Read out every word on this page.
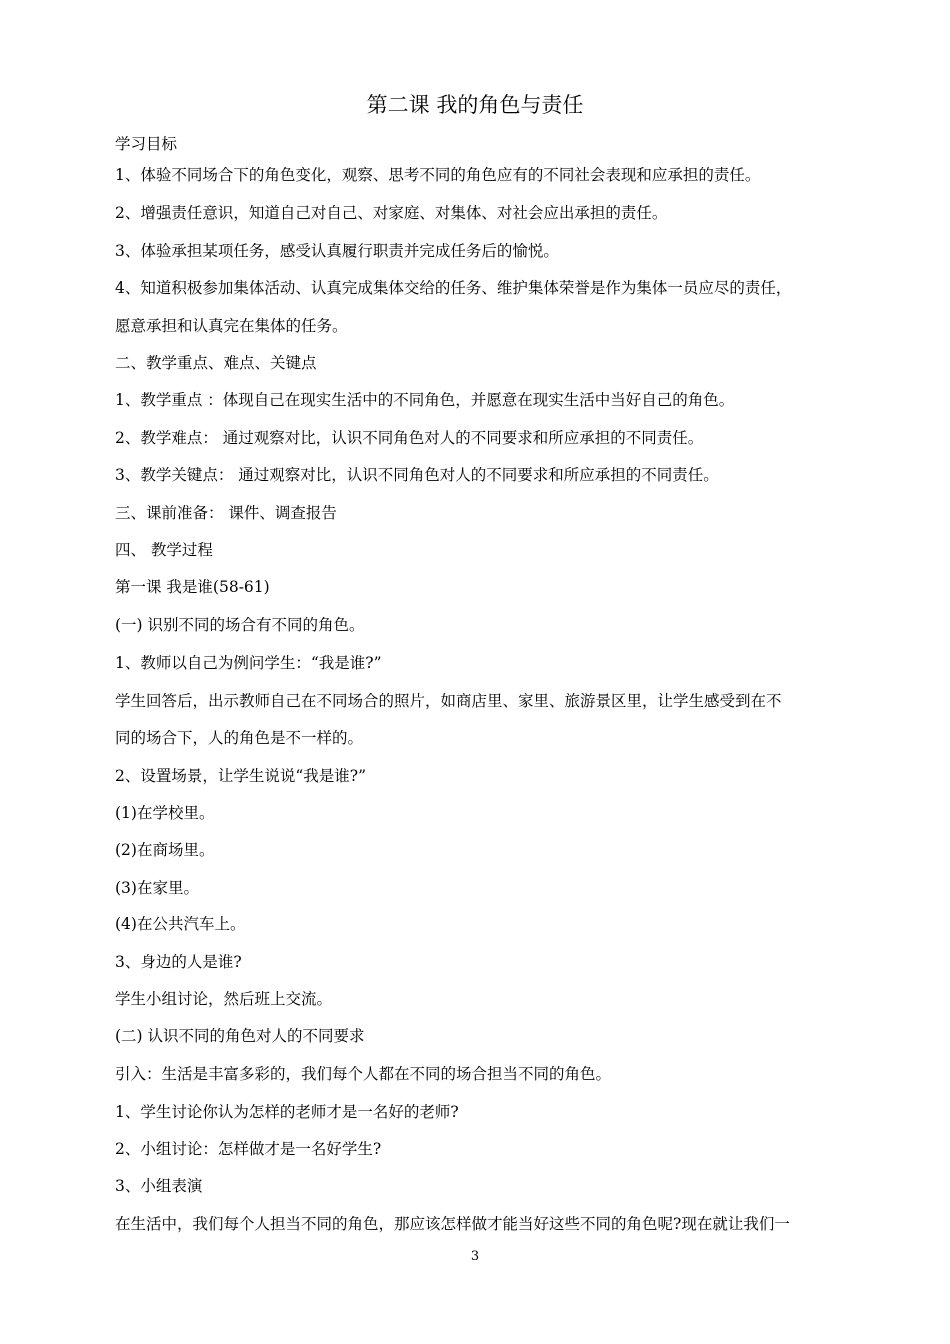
第二课 我的角色与责任
学习目标
1、体验不同场合下的角色变化，观察、思考不同的角色应有的不同社会表现和应承担的责任。
2、增强责任意识，知道自己对自己、对家庭、对集体、对社会应出承担的责任。
3、体验承担某项任务，感受认真履行职责并完成任务后的愉悦。
4、知道积极参加集体活动、认真完成集体交给的任务、维护集体荣誉是作为集体一员应尽的责任，
愿意承担和认真完在集体的任务。
二、教学重点、难点、关键点
1、教学重点 ：体现自己在现实生活中的不同角色，并愿意在现实生活中当好自己的角色。
2、教学难点： 通过观察对比，认识不同角色对人的不同要求和所应承担的不同责任。
3、教学关键点： 通过观察对比，认识不同角色对人的不同要求和所应承担的不同责任。
三、课前准备： 课件、调查报告
四、 教学过程
第一课 我是谁(58-61)
(一) 识别不同的场合有不同的角色。
1、教师以自己为例问学生：“我是谁?”
学生回答后，出示教师自己在不同场合的照片，如商店里、家里、旅游景区里，让学生感受到在不
同的场合下，人的角色是不一样的。
2、设置场景，让学生说说“我是谁?”
(1)在学校里。
(2)在商场里。
(3)在家里。
(4)在公共汽车上。
3、身边的人是谁?
学生小组讨论，然后班上交流。
(二) 认识不同的角色对人的不同要求
引入：生活是丰富多彩的，我们每个人都在不同的场合担当不同的角色。
1、学生讨论你认为怎样的老师才是一名好的老师?
2、小组讨论：怎样做才是一名好学生?
3、小组表演
在生活中，我们每个人担当不同的角色，那应该怎样做才能当好这些不同的角色呢?现在就让我们一
3
